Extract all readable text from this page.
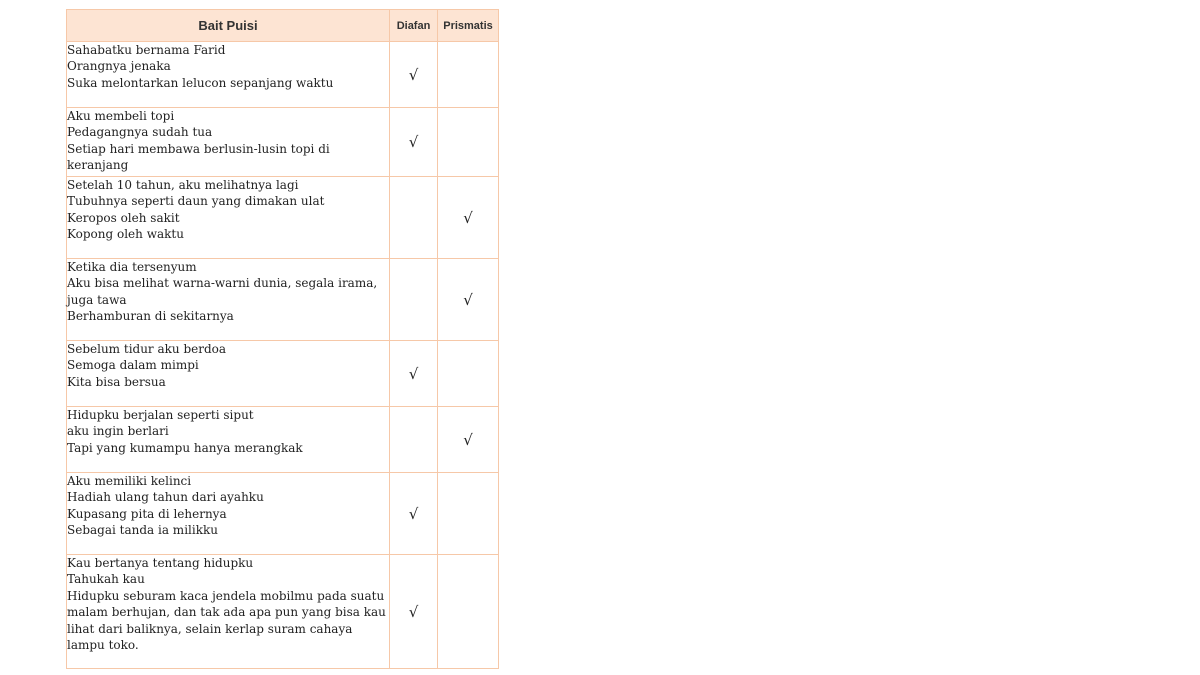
Bait Puisi	Diafan	Prismatis

Sahabatku bernama Farid
Orangnya jenaka
Suka melontarkan lelucon sepanjang waktu	√	

Aku membeli topi
Pedagangnya sudah tua
Setiap hari membawa berlusin-lusin topi di keranjang	√	

Setelah 10 tahun, aku melihatnya lagi
Tubuhnya seperti daun yang dimakan ulat
Keropos oleh sakit
Kopong oleh waktu		√

Ketika dia tersenyum
Aku bisa melihat warna-warni dunia, segala irama, juga tawa
Berhamburan di sekitarnya		√

Sebelum tidur aku berdoa
Semoga dalam mimpi
Kita bisa bersua	√	

Hidupku berjalan seperti siput
aku ingin berlari
Tapi yang kumampu hanya merangkak		√

Aku memiliki kelinci
Hadiah ulang tahun dari ayahku
Kupasang pita di lehernya
Sebagai tanda ia milikku	√	

Kau bertanya tentang hidupku
Tahukah kau
Hidupku seburam kaca jendela mobilmu pada suatu malam berhujan, dan tak ada apa pun yang bisa kau lihat dari baliknya, selain kerlap suram cahaya lampu toko.	√	
